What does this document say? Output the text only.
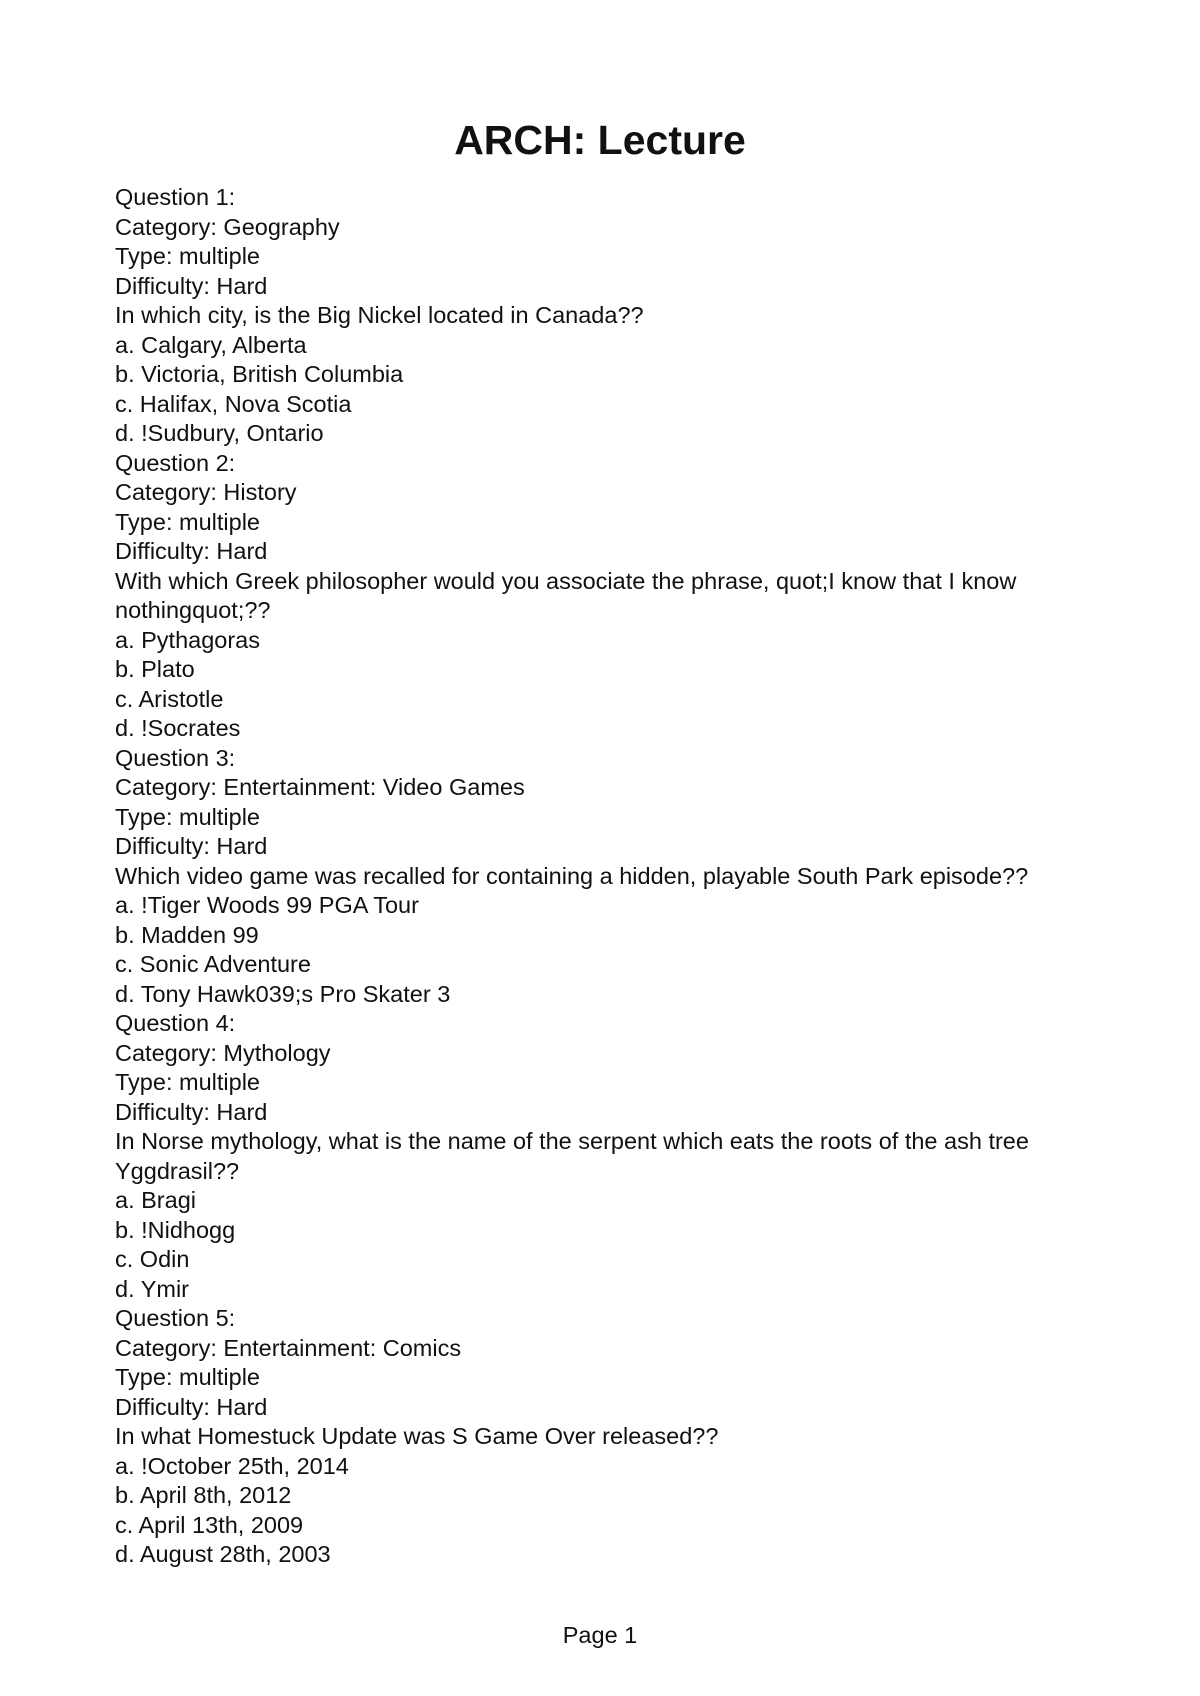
ARCH: Lecture

Question 1:

Category: Geography

Type: multiple

Difficulty: Hard

In which city, is the Big Nickel located in Canada??

a. Calgary, Alberta

b. Victoria, British Columbia

c. Halifax, Nova Scotia

d. !Sudbury, Ontario

Question 2:

Category: History

Type: multiple

Difficulty: Hard

With which Greek philosopher would you associate the phrase, quot;I know that I know nothingquot;??

a. Pythagoras

b. Plato

c. Aristotle

d. !Socrates

Question 3:

Category: Entertainment: Video Games

Type: multiple

Difficulty: Hard

Which video game was recalled for containing a hidden, playable South Park episode??

a. !Tiger Woods 99 PGA Tour

b. Madden 99

c. Sonic Adventure

d. Tony Hawk039;s Pro Skater 3

Question 4:

Category: Mythology

Type: multiple

Difficulty: Hard

In Norse mythology, what is the name of the serpent which eats the roots of the ash tree Yggdrasil??

a. Bragi

b. !Nidhogg

c. Odin

d. Ymir

Question 5:

Category: Entertainment: Comics

Type: multiple

Difficulty: Hard

In what Homestuck Update was S Game Over released??

a. !October 25th, 2014

b. April 8th, 2012

c. April 13th, 2009

d. August 28th, 2003

Page 1
